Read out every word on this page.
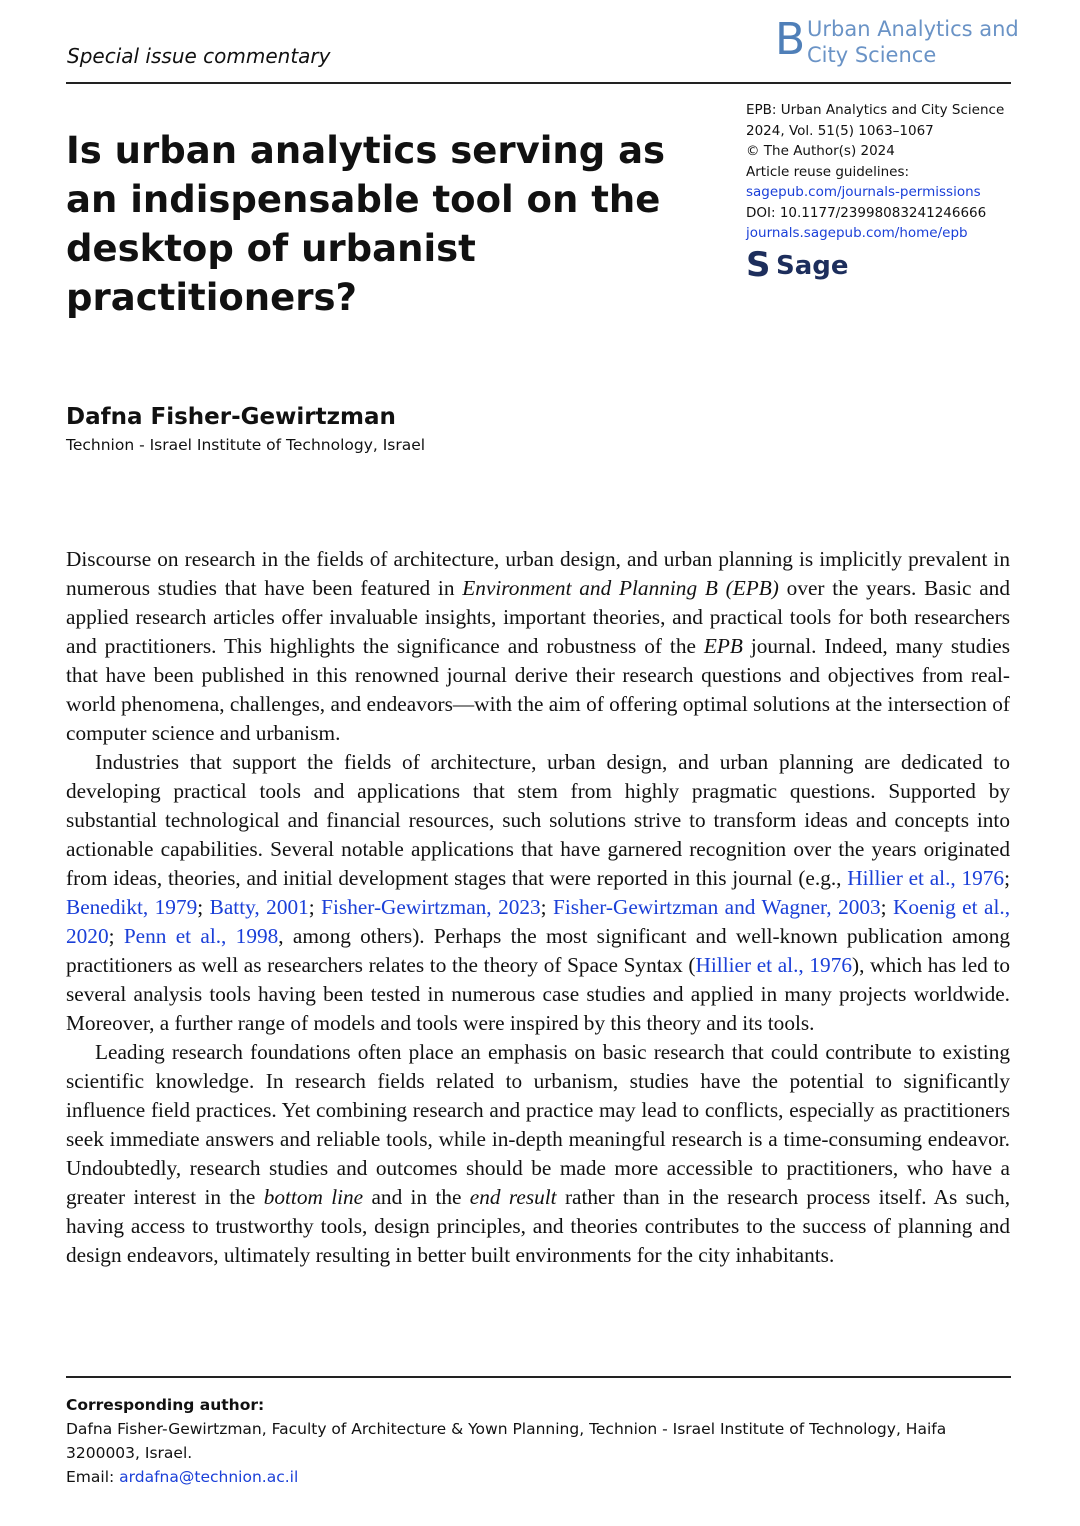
Special issue commentary	B Urban Analytics and
City Science
Is urban analytics serving as an indispensable tool on the desktop of urbanist practitioners?
EPB: Urban Analytics and City Science
2024, Vol. 51(5) 1063–1067
© The Author(s) 2024
Article reuse guidelines:
sagepub.com/journals-permissions
DOI: 10.1177/23998083241246666
journals.sagepub.com/home/epb
S Sage
Dafna Fisher-Gewirtzman
Technion - Israel Institute of Technology, Israel

Discourse on research in the fields of architecture, urban design, and urban planning is implicitly prevalent in numerous studies that have been featured in Environment and Planning B (EPB) over the years. Basic and applied research articles offer invaluable insights, important theories, and practical tools for both researchers and practitioners. This highlights the significance and robustness of the EPB journal. Indeed, many studies that have been published in this renowned journal derive their research questions and objectives from real-world phenomena, challenges, and endeavors—with the aim of offering optimal solutions at the intersection of computer science and urbanism.

Industries that support the fields of architecture, urban design, and urban planning are dedicated to developing practical tools and applications that stem from highly pragmatic questions. Supported by substantial technological and financial resources, such solutions strive to transform ideas and concepts into actionable capabilities. Several notable applications that have garnered recognition over the years originated from ideas, theories, and initial development stages that were reported in this journal (e.g., Hillier et al., 1976; Benedikt, 1979; Batty, 2001; Fisher-Gewirtzman, 2023; Fisher-Gewirtzman and Wagner, 2003; Koenig et al., 2020; Penn et al., 1998, among others). Perhaps the most significant and well-known publication among practitioners as well as researchers relates to the theory of Space Syntax (Hillier et al., 1976), which has led to several analysis tools having been tested in numerous case studies and applied in many projects worldwide. Moreover, a further range of models and tools were inspired by this theory and its tools.

Leading research foundations often place an emphasis on basic research that could contribute to existing scientific knowledge. In research fields related to urbanism, studies have the potential to significantly influence field practices. Yet combining research and practice may lead to conflicts, especially as practitioners seek immediate answers and reliable tools, while in-depth meaningful research is a time-consuming endeavor. Undoubtedly, research studies and outcomes should be made more accessible to practitioners, who have a greater interest in the bottom line and in the end result rather than in the research process itself. As such, having access to trustworthy tools, design principles, and theories contributes to the success of planning and design endeavors, ultimately resulting in better built environments for the city inhabitants.

Corresponding author:
Dafna Fisher-Gewirtzman, Faculty of Architecture & Yown Planning, Technion - Israel Institute of Technology, Haifa 3200003, Israel.
Email: ardafna@technion.ac.il
